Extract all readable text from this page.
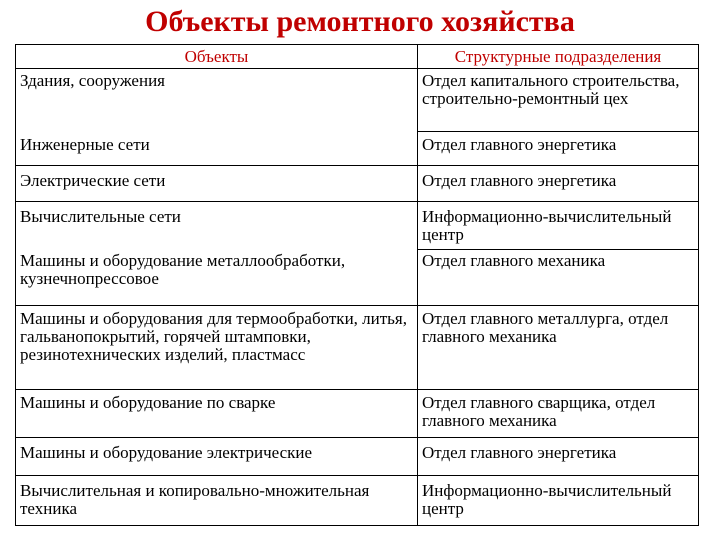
Объекты ремонтного хозяйства
Объекты	Структурные подразделения
Здания, сооружения	Отдел капитального строительства, строительно-ремонтный цех
Инженерные сети	Отдел главного энергетика
Электрические сети	Отдел главного энергетика
Вычислительные сети	Информационно-вычислительный центр
Машины и оборудование металлообработки, кузнечнопрессовое	Отдел главного механика
Машины и оборудования для термообработки, литья, гальванопокрытий, горячей штамповки, резинотехнических изделий, пластмасс	Отдел главного металлурга, отдел главного механика
Машины и оборудование по сварке	Отдел главного сварщика, отдел главного механика
Машины и оборудование электрические	Отдел главного энергетика
Вычислительная и копировально-множительная техника	Информационно-вычислительный центр
